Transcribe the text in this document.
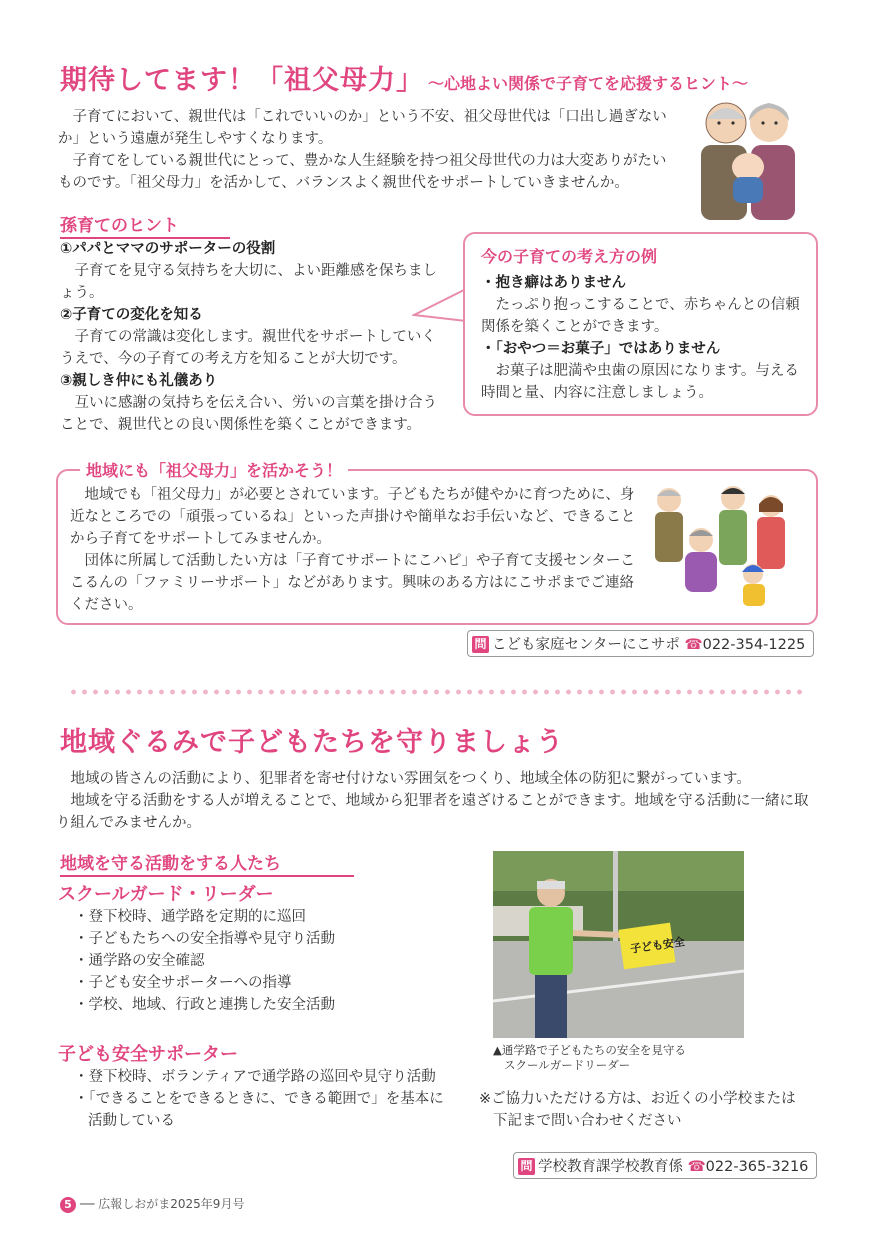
期待してます！「祖父母力」 ～心地よい関係で子育てを応援するヒント～

子育てにおいて、親世代は「これでいいのか」という不安、祖父母世代は「口出し過ぎないか」という遠慮が発生しやすくなります。

子育てをしている親世代にとって、豊かな人生経験を持つ祖父母世代の力は大変ありがたいものです。「祖父母力」を活かして、バランスよく親世代をサポートしていきませんか。

孫育てのヒント
①パパとママのサポーターの役割

子育てを見守る気持ちを大切に、よい距離感を保ちましょう。

②子育ての変化を知る

子育ての常識は変化します。親世代をサポートしていくうえで、今の子育ての考え方を知ることが大切です。

③親しき仲にも礼儀あり

互いに感謝の気持ちを伝え合い、労いの言葉を掛け合うことで、親世代との良い関係性を築くことができます。

今の子育ての考え方の例
・抱き癖はありません

たっぷり抱っこすることで、赤ちゃんとの信頼関係を築くことができます。

・「おやつ＝お菓子」ではありません

お菓子は肥満や虫歯の原因になります。与える時間と量、内容に注意しましょう。

地域にも「祖父母力」を活かそう！

地域でも「祖父母力」が必要とされています。子どもたちが健やかに育つために、身近なところでの「頑張っているね」といった声掛けや簡単なお手伝いなど、できることから子育てをサポートしてみませんか。

団体に所属して活動したい方は「子育てサポートにこハピ」や子育て支援センターここるんの「ファミリーサポート」などがあります。興味のある方はにこサポまでご連絡ください。

問 こども家庭センターにこサポ ☎022-354-1225
地域ぐるみで子どもたちを守りましょう

地域の皆さんの活動により、犯罪者を寄せ付けない雰囲気をつくり、地域全体の防犯に繋がっています。

地域を守る活動をする人が増えることで、地域から犯罪者を遠ざけることができます。地域を守る活動に一緒に取り組んでみませんか。

地域を守る活動をする人たち
スクールガード・リーダー
・登下校時、通学路を定期的に巡回
・子どもたちへの安全指導や見守り活動
・通学路の安全確認
・子ども安全サポーターへの指導
・学校、地域、行政と連携した安全活動
子ども安全サポーター
・登下校時、ボランティアで通学路の巡回や見守り活動
・「できることをできるときに、できる範囲で」を基本に活動している
子ども安全
▲通学路で子どもたちの安全を見守る
スクールガードリーダー
※ご協力いただける方は、お近くの小学校または
下記まで問い合わせください
問 学校教育課学校教育係 ☎022-365-3216
5 ── 広報しおがま2025年9月号
